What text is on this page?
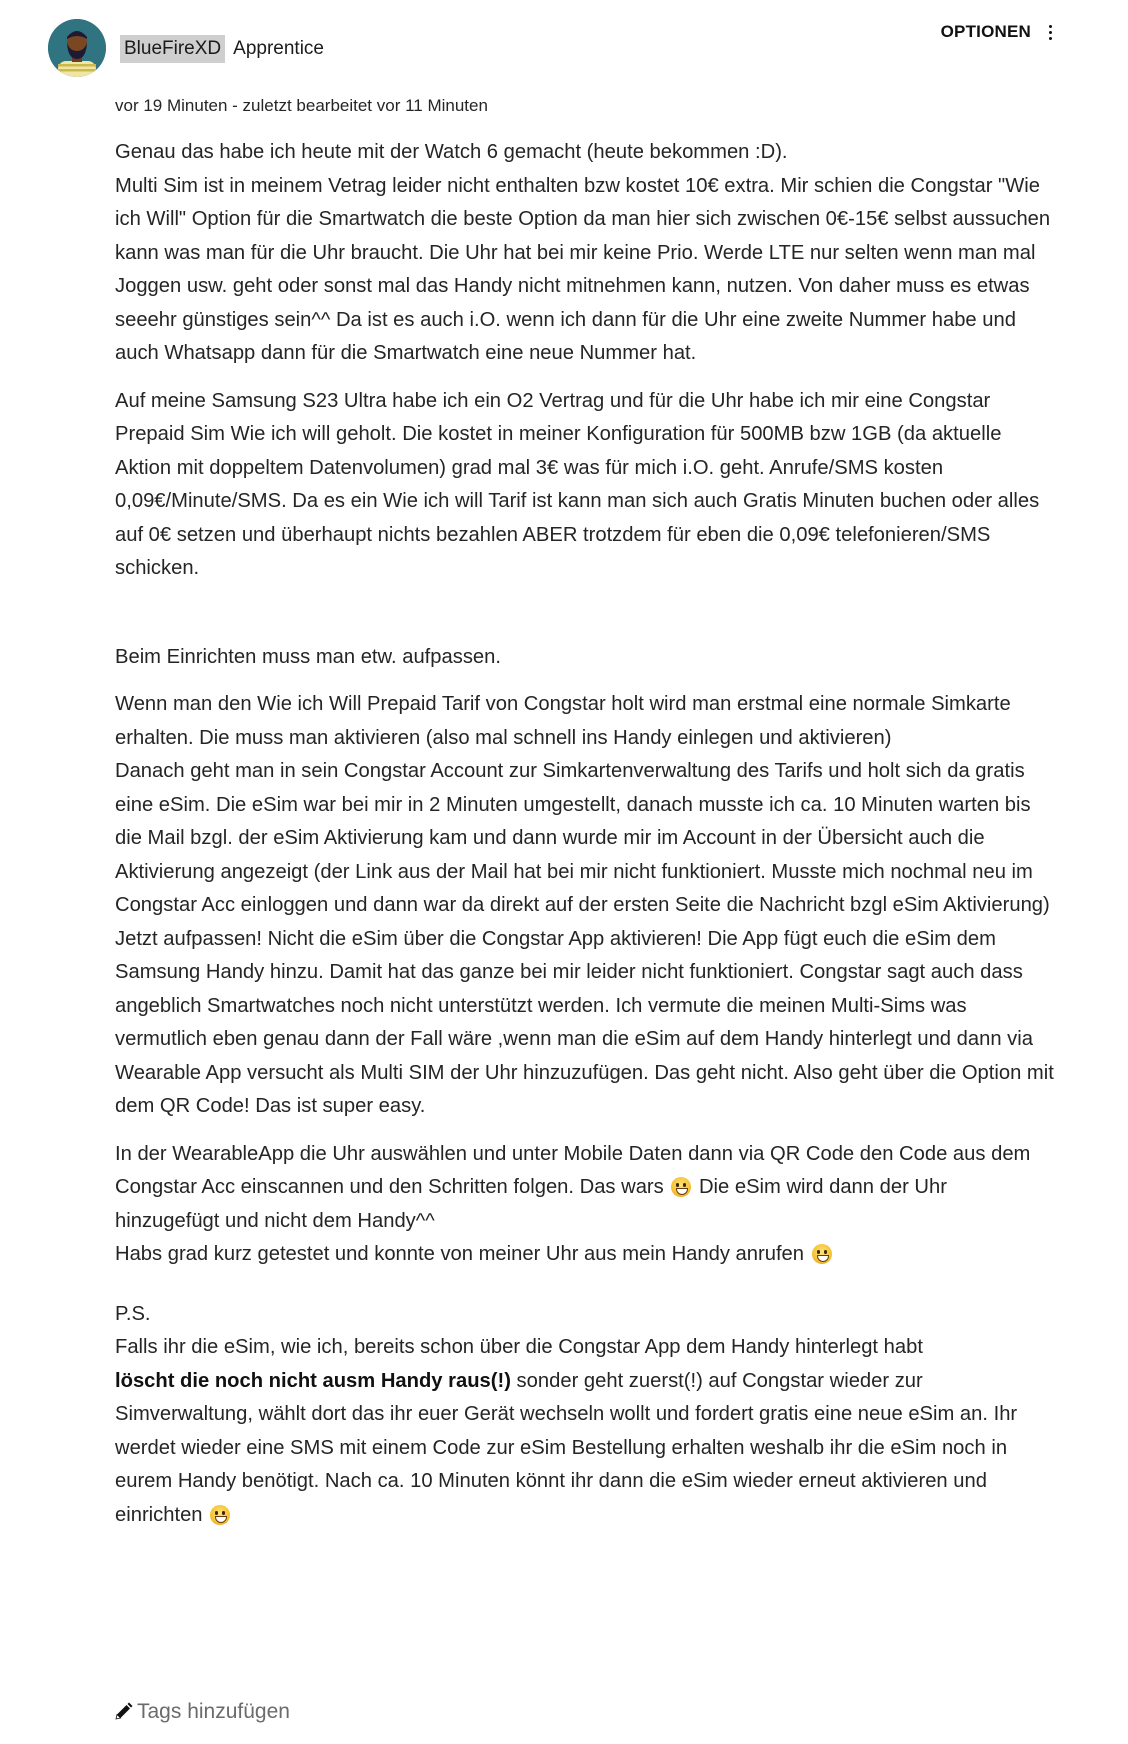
BlueFireXD Apprentice
OPTIONEN
vor 19 Minuten - zuletzt bearbeitet vor 11 Minuten

Genau das habe ich heute mit der Watch 6 gemacht (heute bekommen :D).

Multi Sim ist in meinem Vetrag leider nicht enthalten bzw kostet 10€ extra. Mir schien die Congstar "Wie ich Will" Option für die Smartwatch die beste Option da man hier sich zwischen 0€-15€ selbst aussuchen kann was man für die Uhr braucht. Die Uhr hat bei mir keine Prio. Werde LTE nur selten wenn man mal Joggen usw. geht oder sonst mal das Handy nicht mitnehmen kann, nutzen. Von daher muss es etwas seeehr günstiges sein^^ Da ist es auch i.O. wenn ich dann für die Uhr eine zweite Nummer habe und auch Whatsapp dann für die Smartwatch eine neue Nummer hat.

Auf meine Samsung S23 Ultra habe ich ein O2 Vertrag und für die Uhr habe ich mir eine Congstar Prepaid Sim Wie ich will geholt. Die kostet in meiner Konfiguration für 500MB bzw 1GB (da aktuelle Aktion mit doppeltem Datenvolumen) grad mal 3€ was für mich i.O. geht. Anrufe/SMS kosten 0,09€/Minute/SMS. Da es ein Wie ich will Tarif ist kann man sich auch Gratis Minuten buchen oder alles auf 0€ setzen und überhaupt nichts bezahlen ABER trotzdem für eben die 0,09€ telefonieren/SMS schicken.

Beim Einrichten muss man etw. aufpassen.

Wenn man den Wie ich Will Prepaid Tarif von Congstar holt wird man erstmal eine normale Simkarte erhalten. Die muss man aktivieren (also mal schnell ins Handy einlegen und aktivieren)

Danach geht man in sein Congstar Account zur Simkartenverwaltung des Tarifs und holt sich da gratis eine eSim. Die eSim war bei mir in 2 Minuten umgestellt, danach musste ich ca. 10 Minuten warten bis die Mail bzgl. der eSim Aktivierung kam und dann wurde mir im Account in der Übersicht auch die Aktivierung angezeigt (der Link aus der Mail hat bei mir nicht funktioniert. Musste mich nochmal neu im Congstar Acc einloggen und dann war da direkt auf der ersten Seite die Nachricht bzgl eSim Aktivierung)

Jetzt aufpassen! Nicht die eSim über die Congstar App aktivieren! Die App fügt euch die eSim dem Samsung Handy hinzu. Damit hat das ganze bei mir leider nicht funktioniert. Congstar sagt auch dass angeblich Smartwatches noch nicht unterstützt werden. Ich vermute die meinen Multi-Sims was vermutlich eben genau dann der Fall wäre ,wenn man die eSim auf dem Handy hinterlegt und dann via Wearable App versucht als Multi SIM der Uhr hinzuzufügen. Das geht nicht. Also geht über die Option mit dem QR Code! Das ist super easy.

In der WearableApp die Uhr auswählen und unter Mobile Daten dann via QR Code den Code aus dem Congstar Acc einscannen und den Schritten folgen. Das wars  Die eSim wird dann der Uhr hinzugefügt und nicht dem Handy^^

Habs grad kurz getestet und konnte von meiner Uhr aus mein Handy anrufen

P.S.

Falls ihr die eSim, wie ich, bereits schon über die Congstar App dem Handy hinterlegt habt

löscht die noch nicht ausm Handy raus(!) sonder geht zuerst(!) auf Congstar wieder zur Simverwaltung, wählt dort das ihr euer Gerät wechseln wollt und fordert gratis eine neue eSim an. Ihr werdet wieder eine SMS mit einem Code zur eSim Bestellung erhalten weshalb ihr die eSim noch in eurem Handy benötigt. Nach ca. 10 Minuten könnt ihr dann die eSim wieder erneut aktivieren und einrichten

Tags hinzufügen
